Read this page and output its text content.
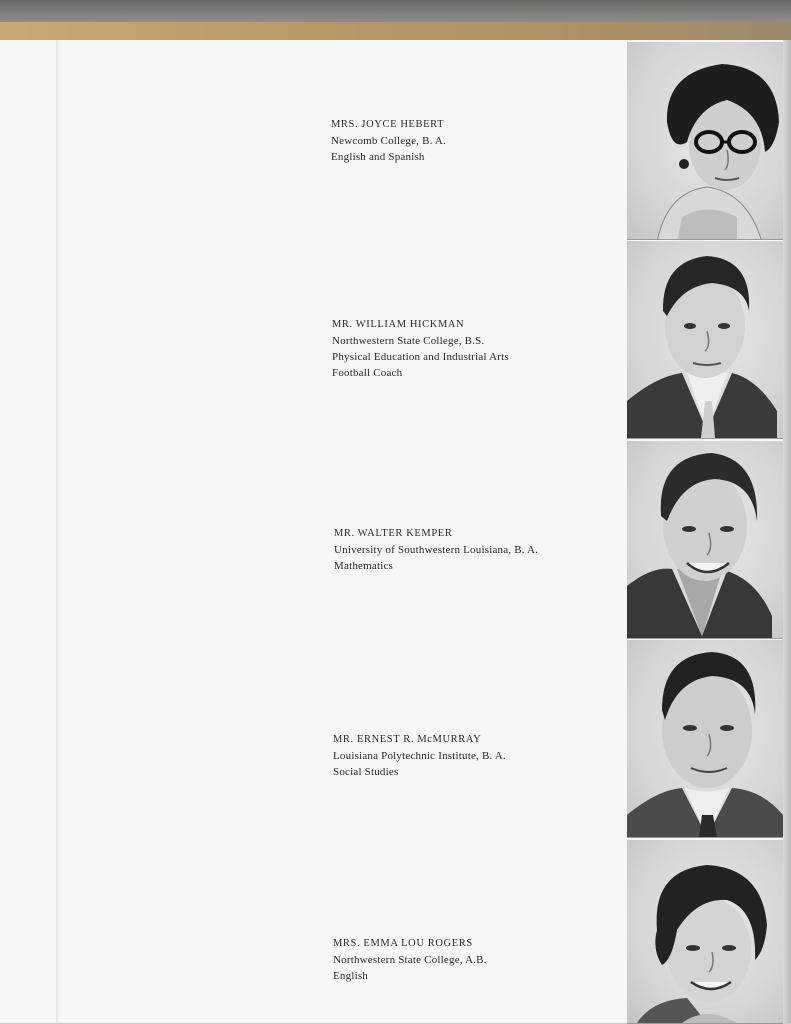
MRS. JOYCE HEBERT
Newcomb College, B. A.
English and Spanish
MR. WILLIAM HICKMAN
Northwestern State College, B.S.
Physical Education and Industrial Arts
Football Coach
MR. WALTER KEMPER
University of Southwestern Louisiana, B. A.
Mathematics
MR. ERNEST R. McMURRAY
Louisiana Polytechnic Institute, B. A.
Social Studies
MRS. EMMA LOU ROGERS
Northwestern State College, A.B.
English
